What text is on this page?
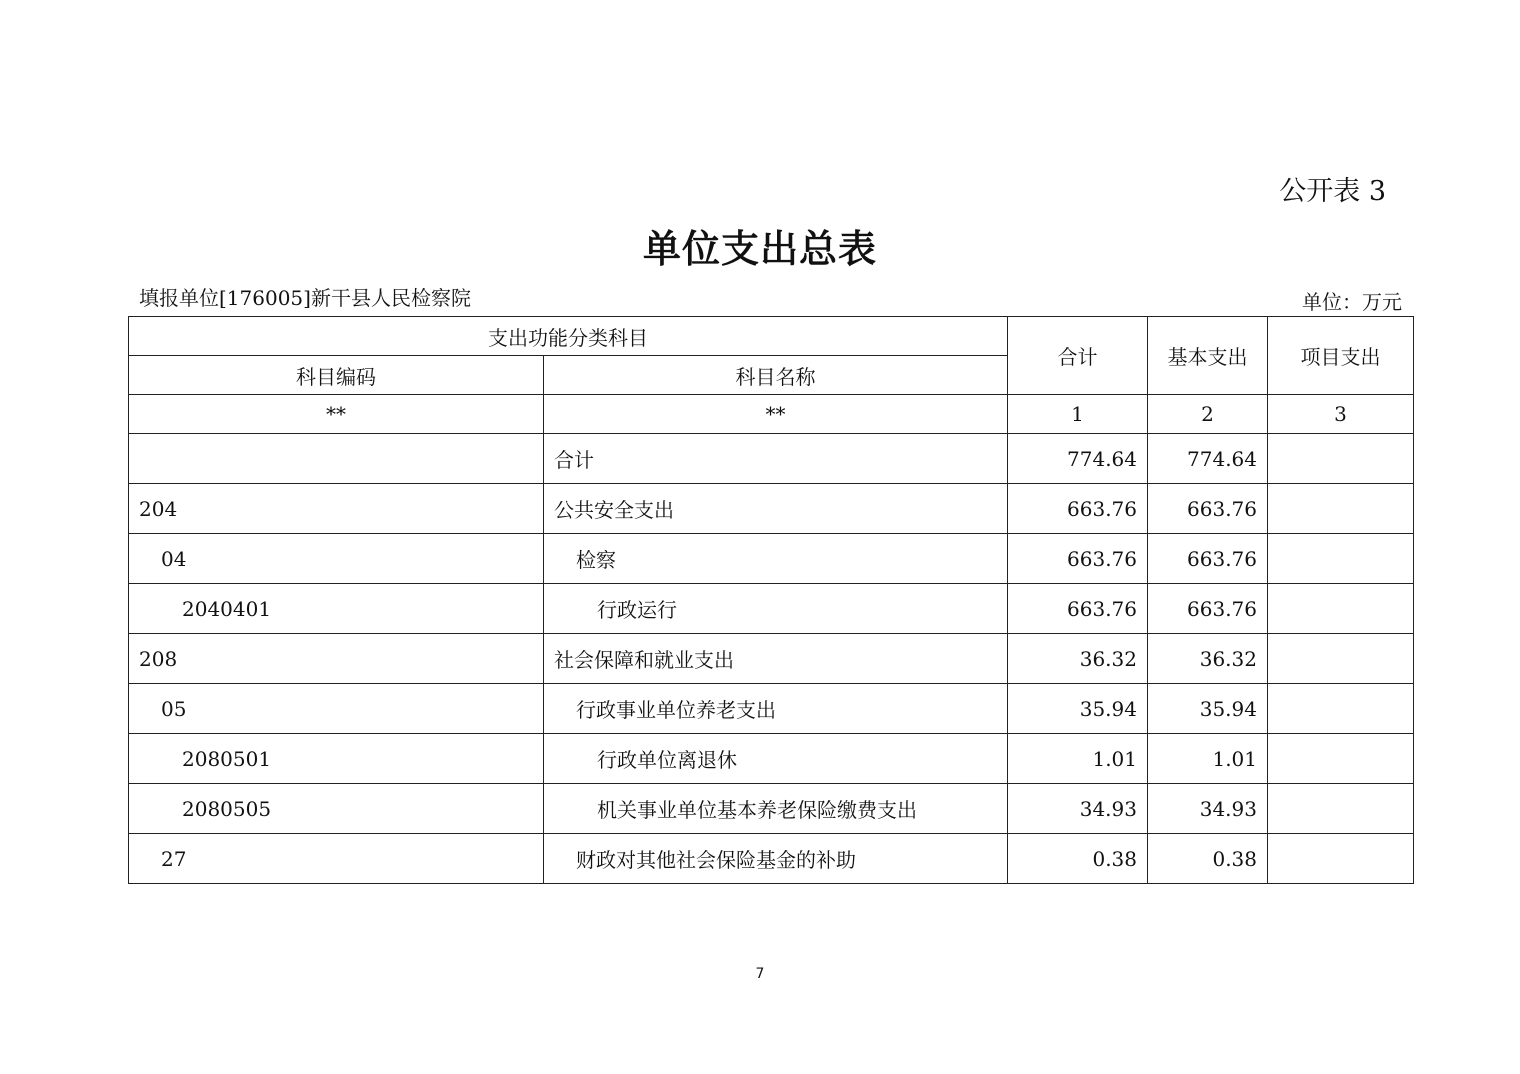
公开表 3
单位支出总表
填报单位[176005]新干县人民检察院	单位：万元
支出功能分类科目		合计	基本支出	项目支出
科目编码	科目名称			
**	**	1	2	3
	合计	774.64	774.64	
204	公共安全支出	663.76	663.76	
04	检察	663.76	663.76	
2040401	行政运行	663.76	663.76	
208	社会保障和就业支出	36.32	36.32	
05	行政事业单位养老支出	35.94	35.94	
2080501	行政单位离退休	1.01	1.01	
2080505	机关事业单位基本养老保险缴费支出	34.93	34.93	
27	财政对其他社会保险基金的补助	0.38	0.38	
7
